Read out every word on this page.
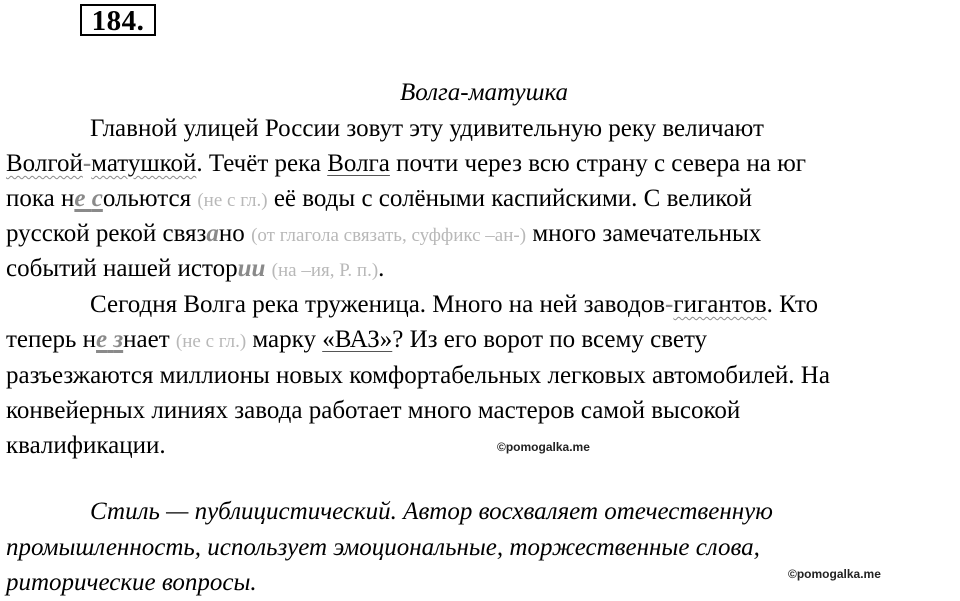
184.
Волга-матушка
Главной улицей России зовут эту удивительную реку величают
Волгой-матушкой. Течёт река Волга почти через всю страну с севера на юг
пока не сольются (не с гл.) её воды с солёными каспийскими. С великой
русской рекой связано (от глагола связать, суффикс –ан-) много замечательных
событий нашей истории (на –ия, Р. п.).
Сегодня Волга река труженица. Много на ней заводов-гигантов. Кто
теперь не знает (не с гл.) марку «ВАЗ»? Из его ворот по всему свету
разъезжаются миллионы новых комфортабельных легковых автомобилей. На
конвейерных линиях завода работает много мастеров самой высокой
квалификации.	©pomogalka.me
Стиль — публицистический. Автор восхваляет отечественную
промышленность, использует эмоциональные, торжественные слова,
риторические вопросы.	©pomogalka.me
